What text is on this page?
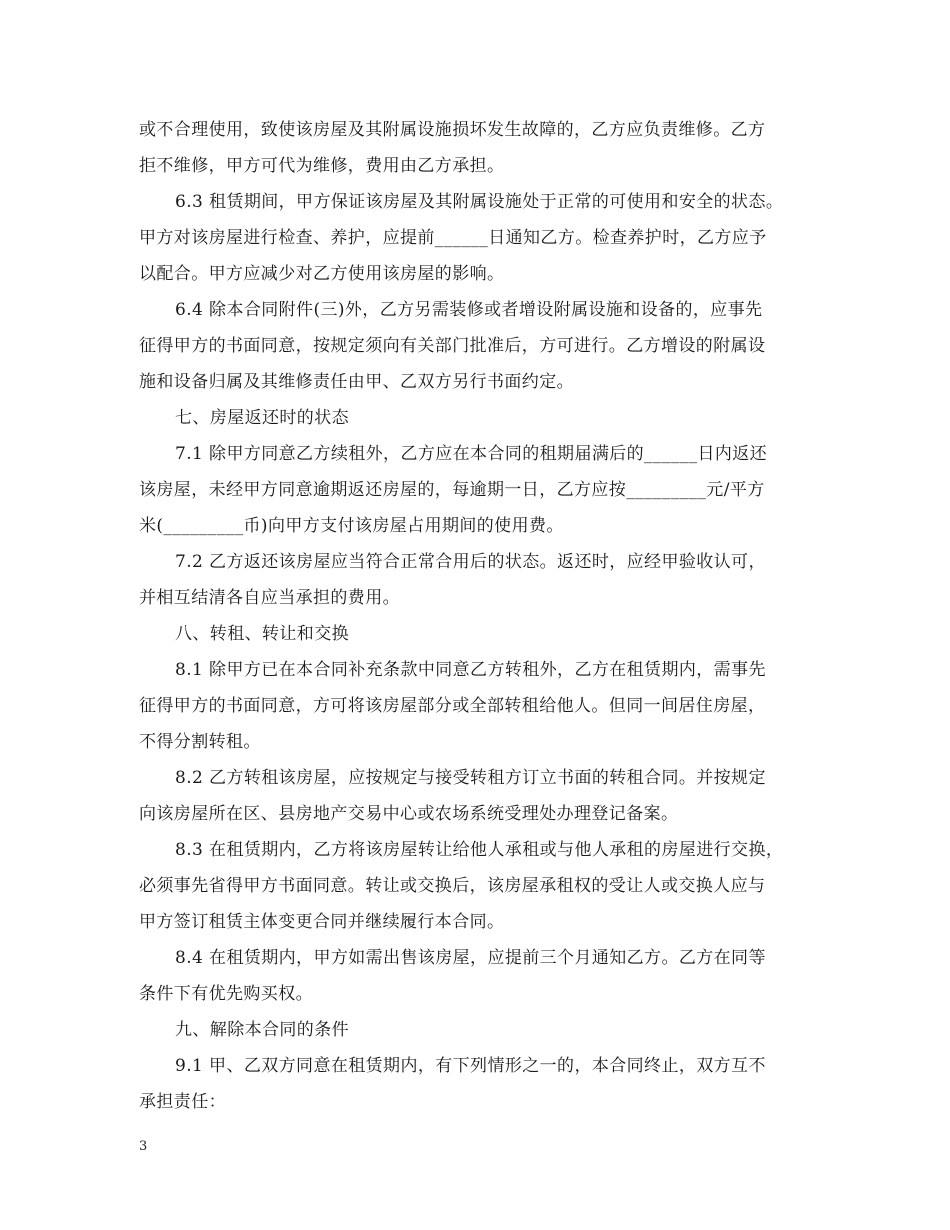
或不合理使用，致使该房屋及其附属设施损坏发生故障的，乙方应负责维修。乙方
拒不维修，甲方可代为维修，费用由乙方承担。
6.3 租赁期间，甲方保证该房屋及其附属设施处于正常的可使用和安全的状态。
甲方对该房屋进行检查、养护，应提前______日通知乙方。检查养护时，乙方应予
以配合。甲方应减少对乙方使用该房屋的影响。
6.4 除本合同附件(三)外，乙方另需装修或者增设附属设施和设备的，应事先
征得甲方的书面同意，按规定须向有关部门批准后，方可进行。乙方增设的附属设
施和设备归属及其维修责任由甲、乙双方另行书面约定。
七、房屋返还时的状态
7.1 除甲方同意乙方续租外，乙方应在本合同的租期届满后的______日内返还
该房屋，未经甲方同意逾期返还房屋的，每逾期一日，乙方应按_________元/平方
米(_________币)向甲方支付该房屋占用期间的使用费。
7.2 乙方返还该房屋应当符合正常合用后的状态。返还时，应经甲验收认可，
并相互结清各自应当承担的费用。
八、转租、转让和交换
8.1 除甲方已在本合同补充条款中同意乙方转租外，乙方在租赁期内，需事先
征得甲方的书面同意，方可将该房屋部分或全部转租给他人。但同一间居住房屋，
不得分割转租。
8.2 乙方转租该房屋，应按规定与接受转租方订立书面的转租合同。并按规定
向该房屋所在区、县房地产交易中心或农场系统受理处办理登记备案。
8.3 在租赁期内，乙方将该房屋转让给他人承租或与他人承租的房屋进行交换，
必须事先省得甲方书面同意。转让或交换后，该房屋承租权的受让人或交换人应与
甲方签订租赁主体变更合同并继续履行本合同。
8.4 在租赁期内，甲方如需出售该房屋，应提前三个月通知乙方。乙方在同等
条件下有优先购买权。
九、解除本合同的条件
9.1 甲、乙双方同意在租赁期内，有下列情形之一的，本合同终止，双方互不
承担责任：
3
